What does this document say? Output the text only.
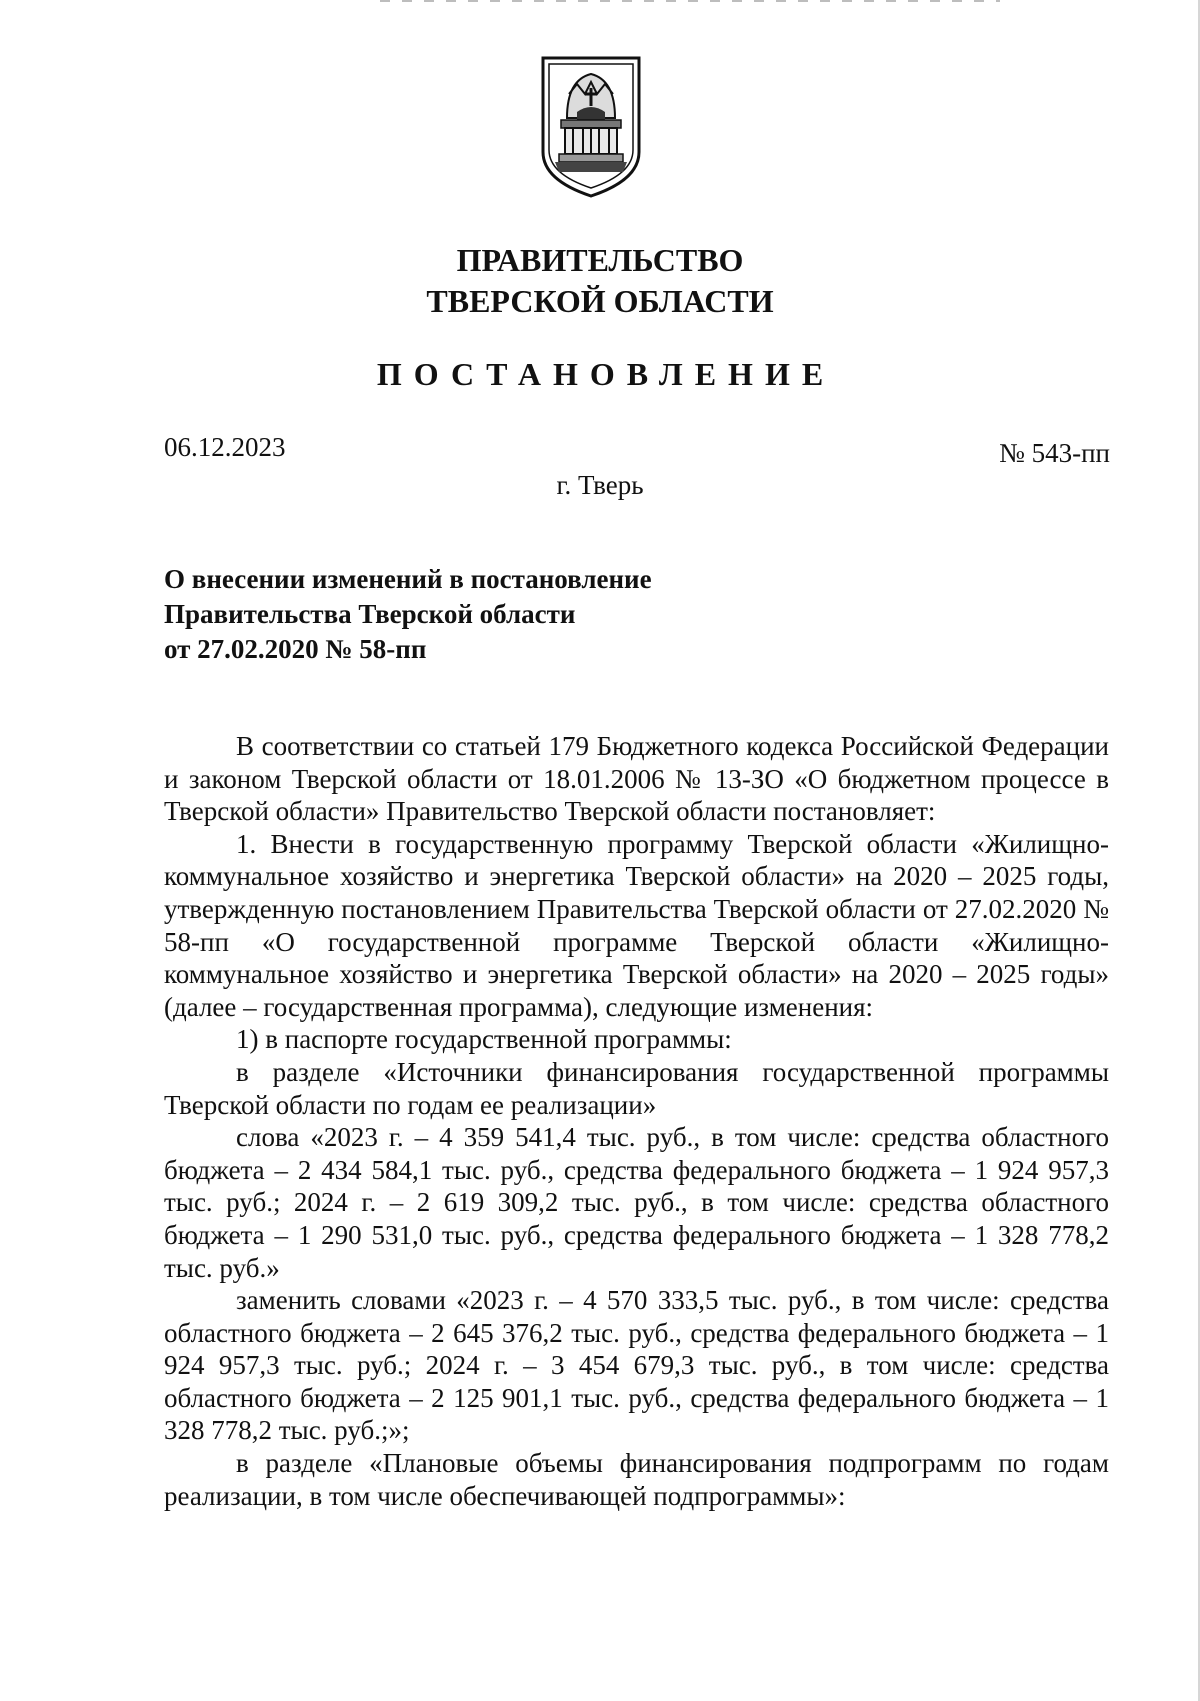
ПРАВИТЕЛЬСТВО
ТВЕРСКОЙ ОБЛАСТИ
ПОСТАНОВЛЕНИЕ
06.12.2023	№ 543-пп
г. Тверь
О внесении изменений в постановление
Правительства Тверской области
от 27.02.2020 № 58-пп

В соответствии со статьей 179 Бюджетного кодекса Российской Федерации и законом Тверской области от 18.01.2006 № 13-ЗО «О бюджетном процессе в Тверской области» Правительство Тверской области постановляет:

1. Внести в государственную программу Тверской области «Жилищно-коммунальное хозяйство и энергетика Тверской области» на 2020 – 2025 годы, утвержденную постановлением Правительства Тверской области от 27.02.2020 № 58-пп «О государственной программе Тверской области «Жилищно-коммунальное хозяйство и энергетика Тверской области» на 2020 – 2025 годы» (далее – государственная программа), следующие изменения:

1) в паспорте государственной программы:

в разделе «Источники финансирования государственной программы Тверской области по годам ее реализации»

слова «2023 г. – 4 359 541,4 тыс. руб., в том числе: средства областного бюджета – 2 434 584,1 тыс. руб., средства федерального бюджета – 1 924 957,3 тыс. руб.; 2024 г. – 2 619 309,2 тыс. руб., в том числе: средства областного бюджета – 1 290 531,0 тыс. руб., средства федерального бюджета – 1 328 778,2 тыс. руб.»

заменить словами «2023 г. – 4 570 333,5 тыс. руб., в том числе: средства областного бюджета – 2 645 376,2 тыс. руб., средства федерального бюджета – 1 924 957,3 тыс. руб.; 2024 г. – 3 454 679,3 тыс. руб., в том числе: средства областного бюджета – 2 125 901,1 тыс. руб., средства федерального бюджета – 1 328 778,2 тыс. руб.;»;

в разделе «Плановые объемы финансирования подпрограмм по годам реализации, в том числе обеспечивающей подпрограммы»:
